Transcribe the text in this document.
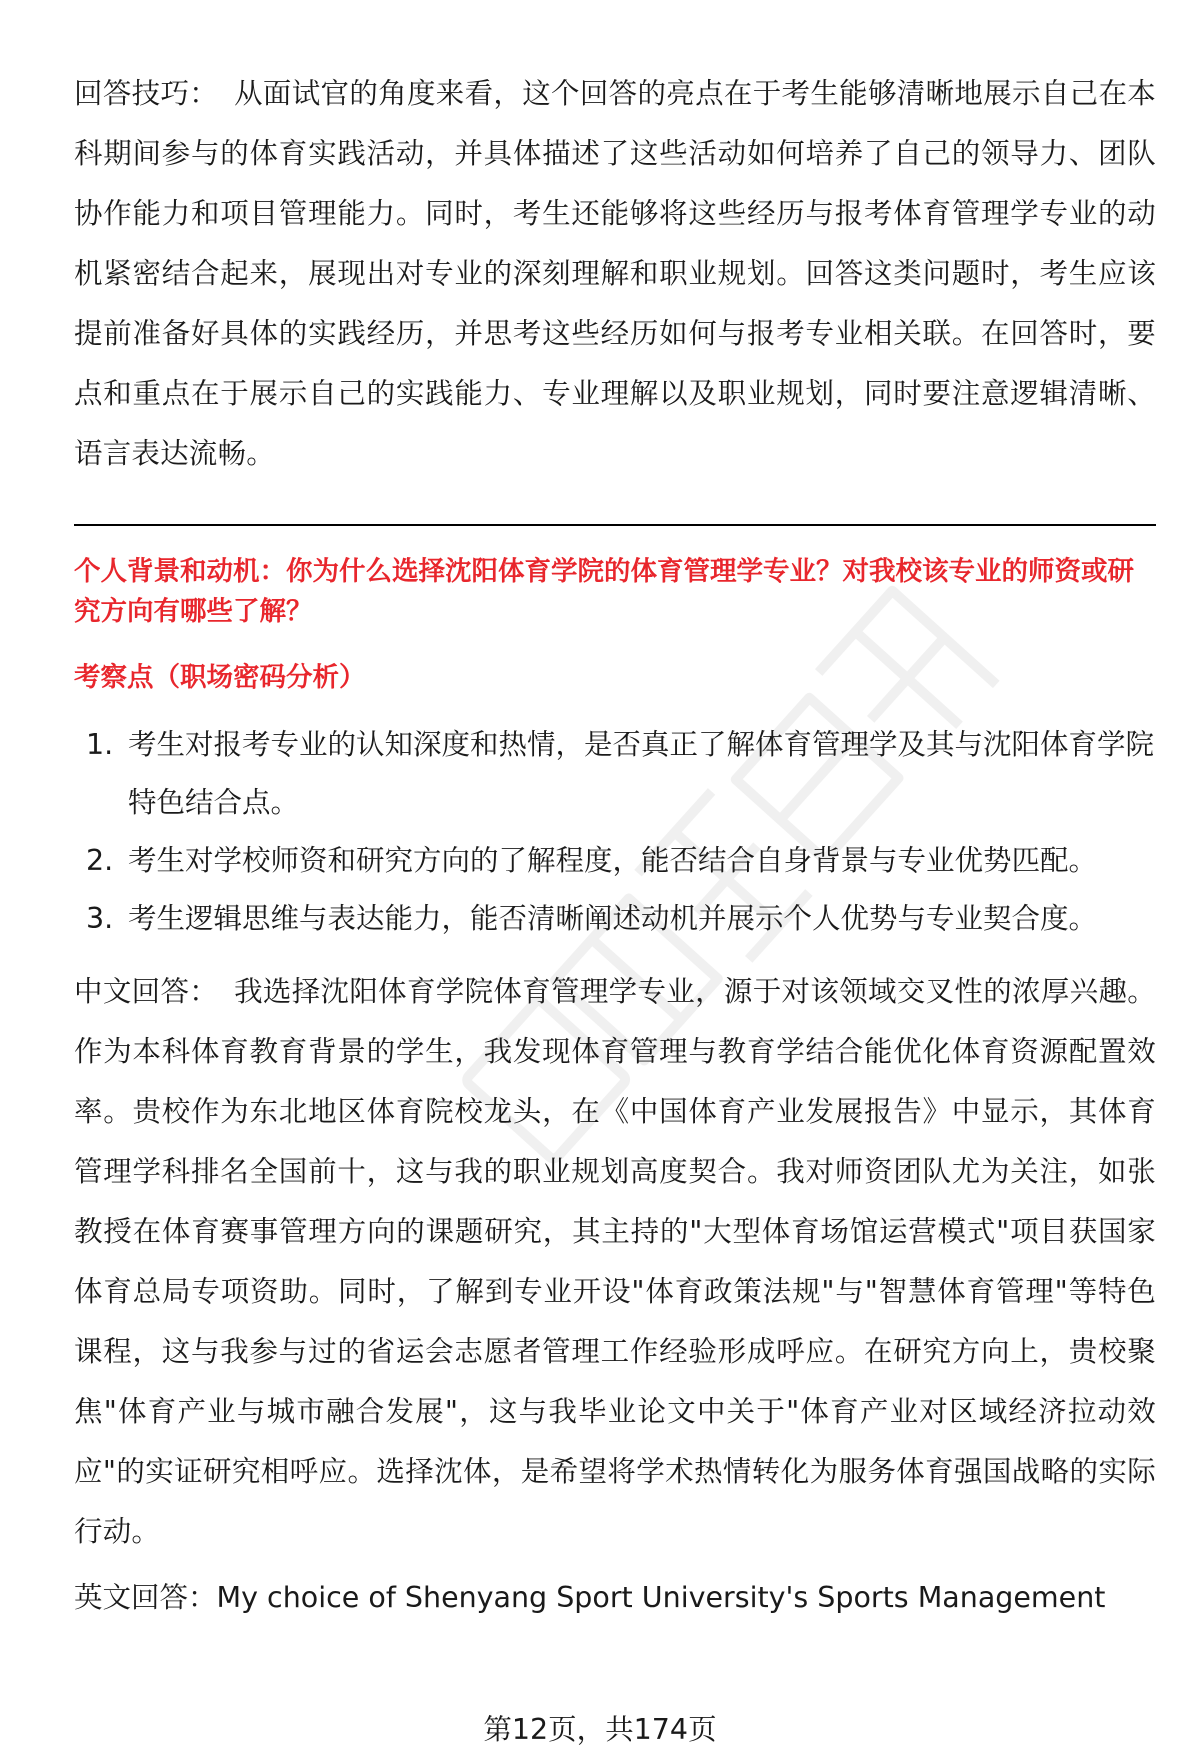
回答技巧： 从面试官的角度来看，这个回答的亮点在于考生能够清晰地展示自己在本科期间参与的体育实践活动，并具体描述了这些活动如何培养了自己的领导力、团队协作能力和项目管理能力。同时，考生还能够将这些经历与报考体育管理学专业的动机紧密结合起来，展现出对专业的深刻理解和职业规划。回答这类问题时，考生应该提前准备好具体的实践经历，并思考这些经历如何与报考专业相关联。在回答时，要点和重点在于展示自己的实践能力、专业理解以及职业规划，同时要注意逻辑清晰、语言表达流畅。

个人背景和动机：你为什么选择沈阳体育学院的体育管理学专业？对我校该专业的师资或研究方向有哪些了解？

考察点（职场密码分析）
1. 考生对报考专业的认知深度和热情，是否真正了解体育管理学及其与沈阳体育学院特色结合点。
2. 考生对学校师资和研究方向的了解程度，能否结合自身背景与专业优势匹配。
3. 考生逻辑思维与表达能力，能否清晰阐述动机并展示个人优势与专业契合度。

中文回答： 我选择沈阳体育学院体育管理学专业，源于对该领域交叉性的浓厚兴趣。作为本科体育教育背景的学生，我发现体育管理与教育学结合能优化体育资源配置效率。贵校作为东北地区体育院校龙头，在《中国体育产业发展报告》中显示，其体育管理学科排名全国前十，这与我的职业规划高度契合。我对师资团队尤为关注，如张教授在体育赛事管理方向的课题研究，其主持的"大型体育场馆运营模式"项目获国家体育总局专项资助。同时，了解到专业开设"体育政策法规"与"智慧体育管理"等特色课程，这与我参与过的省运会志愿者管理工作经验形成呼应。在研究方向上，贵校聚焦"体育产业与城市融合发展"，这与我毕业论文中关于"体育产业对区域经济拉动效应"的实证研究相呼应。选择沈体，是希望将学术热情转化为服务体育强国战略的实际行动。

英文回答：My choice of Shenyang Sport University's Sports Management
第12页，共174页
